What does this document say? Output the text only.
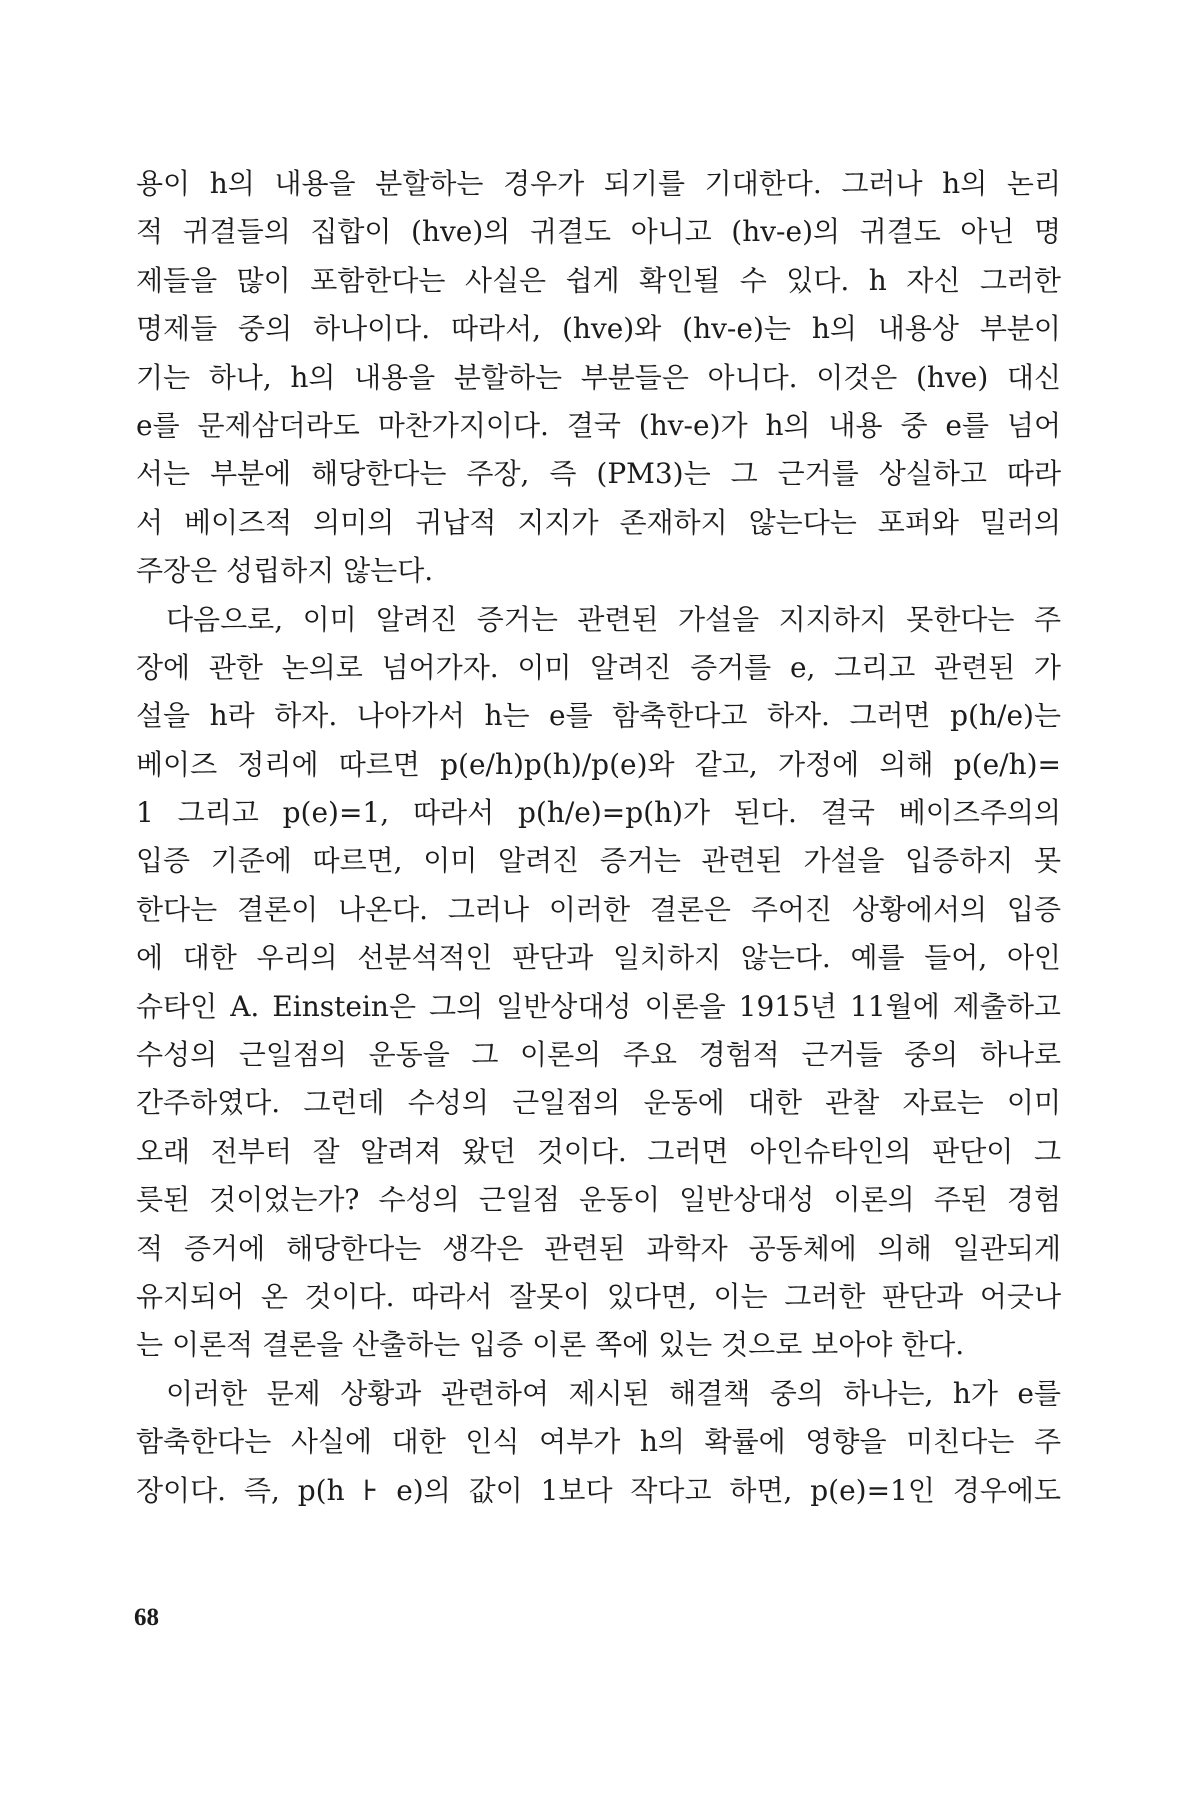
용이 h의 내용을 분할하는 경우가 되기를 기대한다. 그러나 h의 논리
적 귀결들의 집합이 (hve)의 귀결도 아니고 (hv-e)의 귀결도 아닌 명
제들을 많이 포함한다는 사실은 쉽게 확인될 수 있다. h 자신 그러한
명제들 중의 하나이다. 따라서, (hve)와 (hv-e)는 h의 내용상 부분이
기는 하나, h의 내용을 분할하는 부분들은 아니다. 이것은 (hve) 대신
e를 문제삼더라도 마찬가지이다. 결국 (hv-e)가 h의 내용 중 e를 넘어
서는 부분에 해당한다는 주장, 즉 (PM3)는 그 근거를 상실하고 따라
서 베이즈적 의미의 귀납적 지지가 존재하지 않는다는 포퍼와 밀러의
주장은 성립하지 않는다.
다음으로, 이미 알려진 증거는 관련된 가설을 지지하지 못한다는 주
장에 관한 논의로 넘어가자. 이미 알려진 증거를 e, 그리고 관련된 가
설을 h라 하자. 나아가서 h는 e를 함축한다고 하자. 그러면 p(h/e)는
베이즈 정리에 따르면 p(e/h)p(h)/p(e)와 같고, 가정에 의해 p(e/h)=
1 그리고 p(e)=1, 따라서 p(h/e)=p(h)가 된다. 결국 베이즈주의의
입증 기준에 따르면, 이미 알려진 증거는 관련된 가설을 입증하지 못
한다는 결론이 나온다. 그러나 이러한 결론은 주어진 상황에서의 입증
에 대한 우리의 선분석적인 판단과 일치하지 않는다. 예를 들어, 아인
슈타인 A. Einstein은 그의 일반상대성 이론을 1915년 11월에 제출하고
수성의 근일점의 운동을 그 이론의 주요 경험적 근거들 중의 하나로
간주하였다. 그런데 수성의 근일점의 운동에 대한 관찰 자료는 이미
오래 전부터 잘 알려져 왔던 것이다. 그러면 아인슈타인의 판단이 그
릇된 것이었는가? 수성의 근일점 운동이 일반상대성 이론의 주된 경험
적 증거에 해당한다는 생각은 관련된 과학자 공동체에 의해 일관되게
유지되어 온 것이다. 따라서 잘못이 있다면, 이는 그러한 판단과 어긋나
는 이론적 결론을 산출하는 입증 이론 쪽에 있는 것으로 보아야 한다.
이러한 문제 상황과 관련하여 제시된 해결책 중의 하나는, h가 e를
함축한다는 사실에 대한 인식 여부가 h의 확률에 영향을 미친다는 주
장이다. 즉, p(h ⊦ e)의 값이 1보다 작다고 하면, p(e)=1인 경우에도
68
